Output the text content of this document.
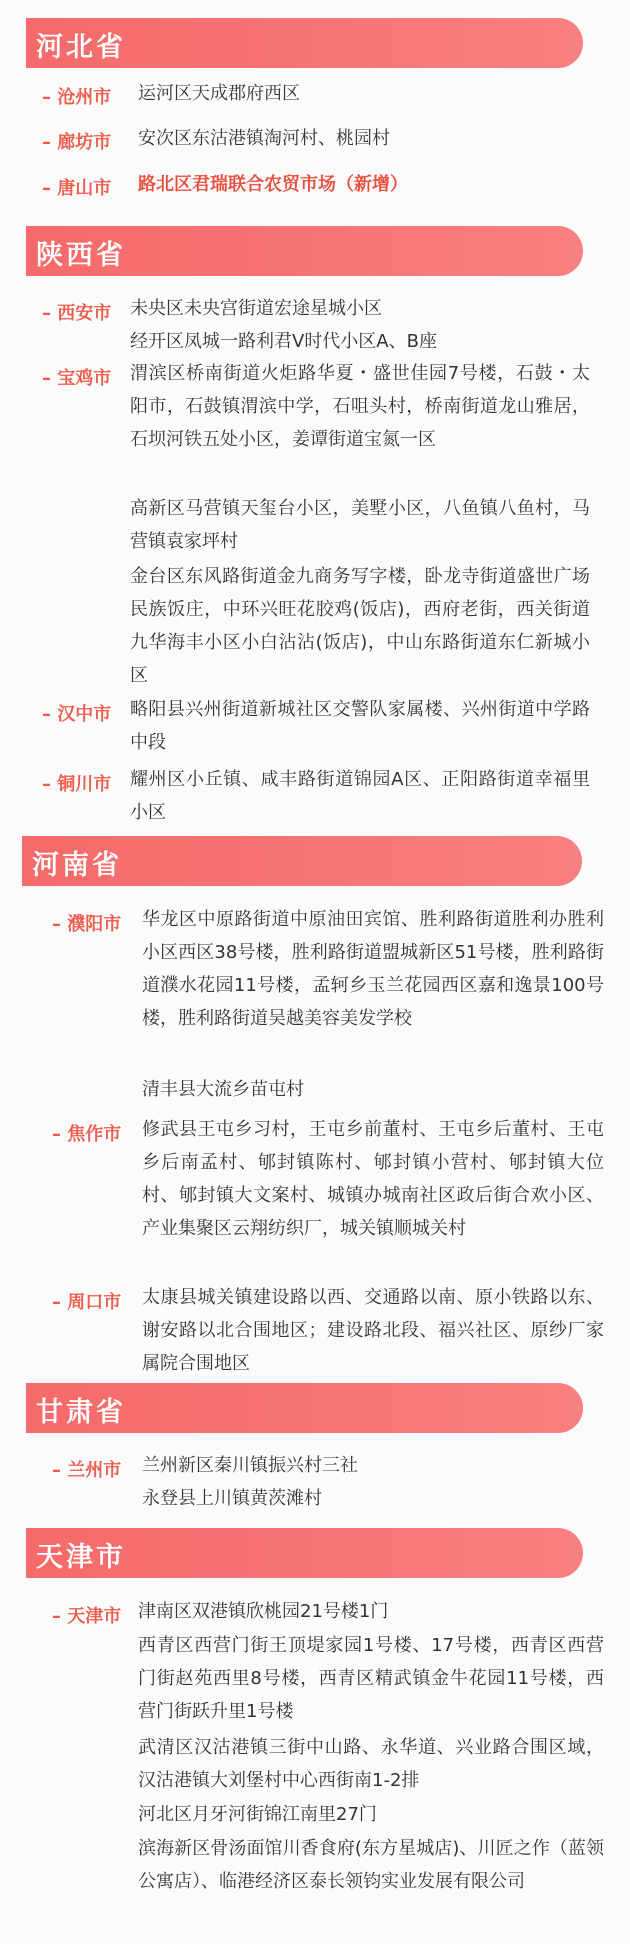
河北省
– 沧州市 运河区天成郡府西区
– 廊坊市 安次区东沽港镇淘河村、桃园村
– 唐山市 路北区君瑞联合农贸市场（新增）
陕西省
– 西安市 未央区未央宫街道宏途星城小区
经开区凤城一路利君V时代小区A、B座
– 宝鸡市 渭滨区桥南街道火炬路华夏・盛世佳园7号楼，石鼓・太阳市，石鼓镇渭滨中学，石咀头村，桥南街道龙山雅居，石坝河铁五处小区，姜谭街道宝氮一区
高新区马营镇天玺台小区，美墅小区，八鱼镇八鱼村，马营镇袁家坪村
金台区东风路街道金九商务写字楼，卧龙寺街道盛世广场民族饭庄，中环兴旺花胶鸡(饭店)，西府老街，西关街道九华海丰小区小白沾沾(饭店)，中山东路街道东仁新城小区
– 汉中市 略阳县兴州街道新城社区交警队家属楼、兴州街道中学路中段
– 铜川市 耀州区小丘镇、咸丰路街道锦园A区、正阳路街道幸福里小区
河南省
– 濮阳市 华龙区中原路街道中原油田宾馆、胜利路街道胜利办胜利小区西区38号楼，胜利路街道盟城新区51号楼，胜利路街道濮水花园11号楼，孟轲乡玉兰花园西区嘉和逸景100号楼，胜利路街道吴越美容美发学校
清丰县大流乡苗屯村
– 焦作市 修武县王屯乡习村，王屯乡前董村、王屯乡后董村、王屯乡后南孟村、郇封镇陈村、郇封镇小营村、郇封镇大位村、郇封镇大文案村、城镇办城南社区政后街合欢小区、产业集聚区云翔纺织厂，城关镇顺城关村
– 周口市 太康县城关镇建设路以西、交通路以南、原小铁路以东、谢安路以北合围地区；建设路北段、福兴社区、原纱厂家属院合围地区
甘肃省
– 兰州市 兰州新区秦川镇振兴村三社
永登县上川镇黄茨滩村
天津市
– 天津市 津南区双港镇欣桃园21号楼1门
西青区西营门街王顶堤家园1号楼、17号楼，西青区西营门街赵苑西里8号楼，西青区精武镇金牛花园11号楼，西营门街跃升里1号楼
武清区汉沽港镇三街中山路、永华道、兴业路合围区域，汉沽港镇大刘堡村中心西街南1-2排
河北区月牙河街锦江南里27门
滨海新区骨汤面馆川香食府(东方星城店)、川匠之作（蓝领公寓店）、临港经济区泰长领钧实业发展有限公司
